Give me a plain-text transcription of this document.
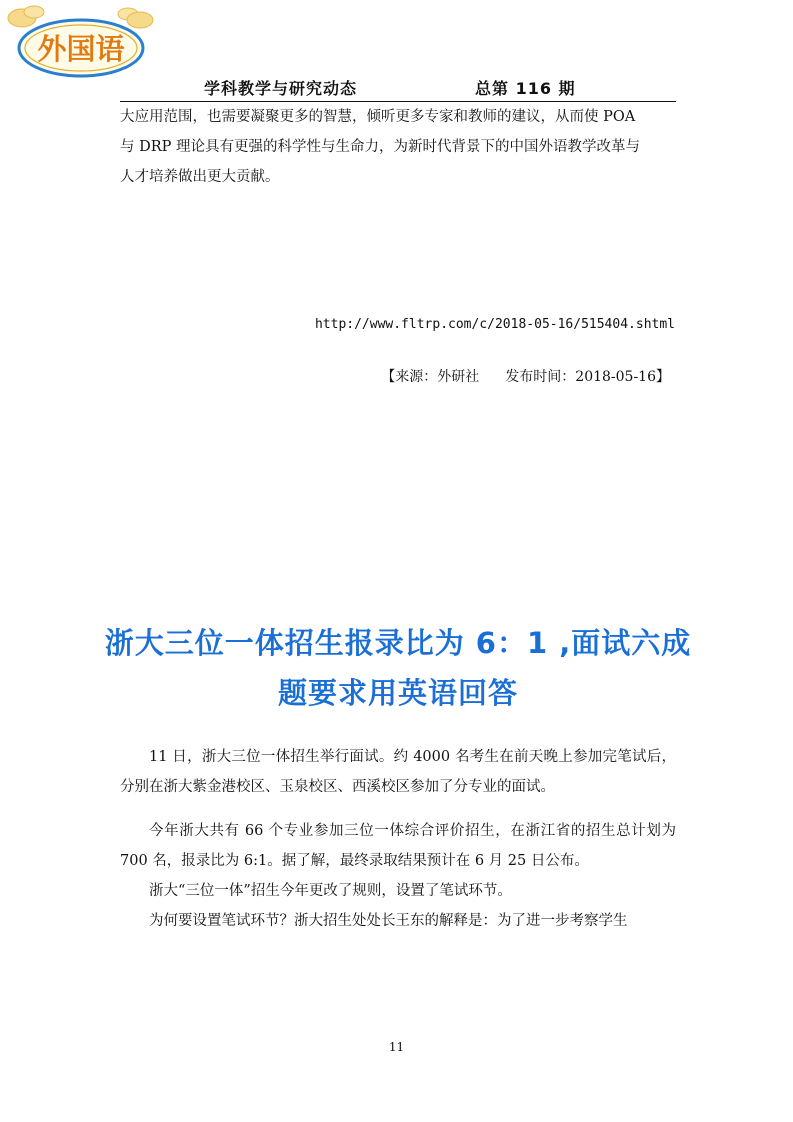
外国语
学科教学与研究动态	总第 116 期
大应用范围，也需要凝聚更多的智慧，倾听更多专家和教师的建议，从而使 POA
与 DRP 理论具有更强的科学性与生命力，为新时代背景下的中国外语教学改革与
人才培养做出更大贡献。
http://www.fltrp.com/c/2018-05-16/515404.shtml
【来源：外研社 发布时间：2018-05-16】
浙大三位一体招生报录比为 6：1 ,面试六成
题要求用英语回答
11 日，浙大三位一体招生举行面试。约 4000 名考生在前天晚上参加完笔试后，分别在浙大紫金港校区、玉泉校区、西溪校区参加了分专业的面试。
今年浙大共有 66 个专业参加三位一体综合评价招生，在浙江省的招生总计划为 700 名，报录比为 6:1。据了解，最终录取结果预计在 6 月 25 日公布。
浙大“三位一体”招生今年更改了规则，设置了笔试环节。
为何要设置笔试环节？浙大招生处处长王东的解释是：为了进一步考察学生
11
